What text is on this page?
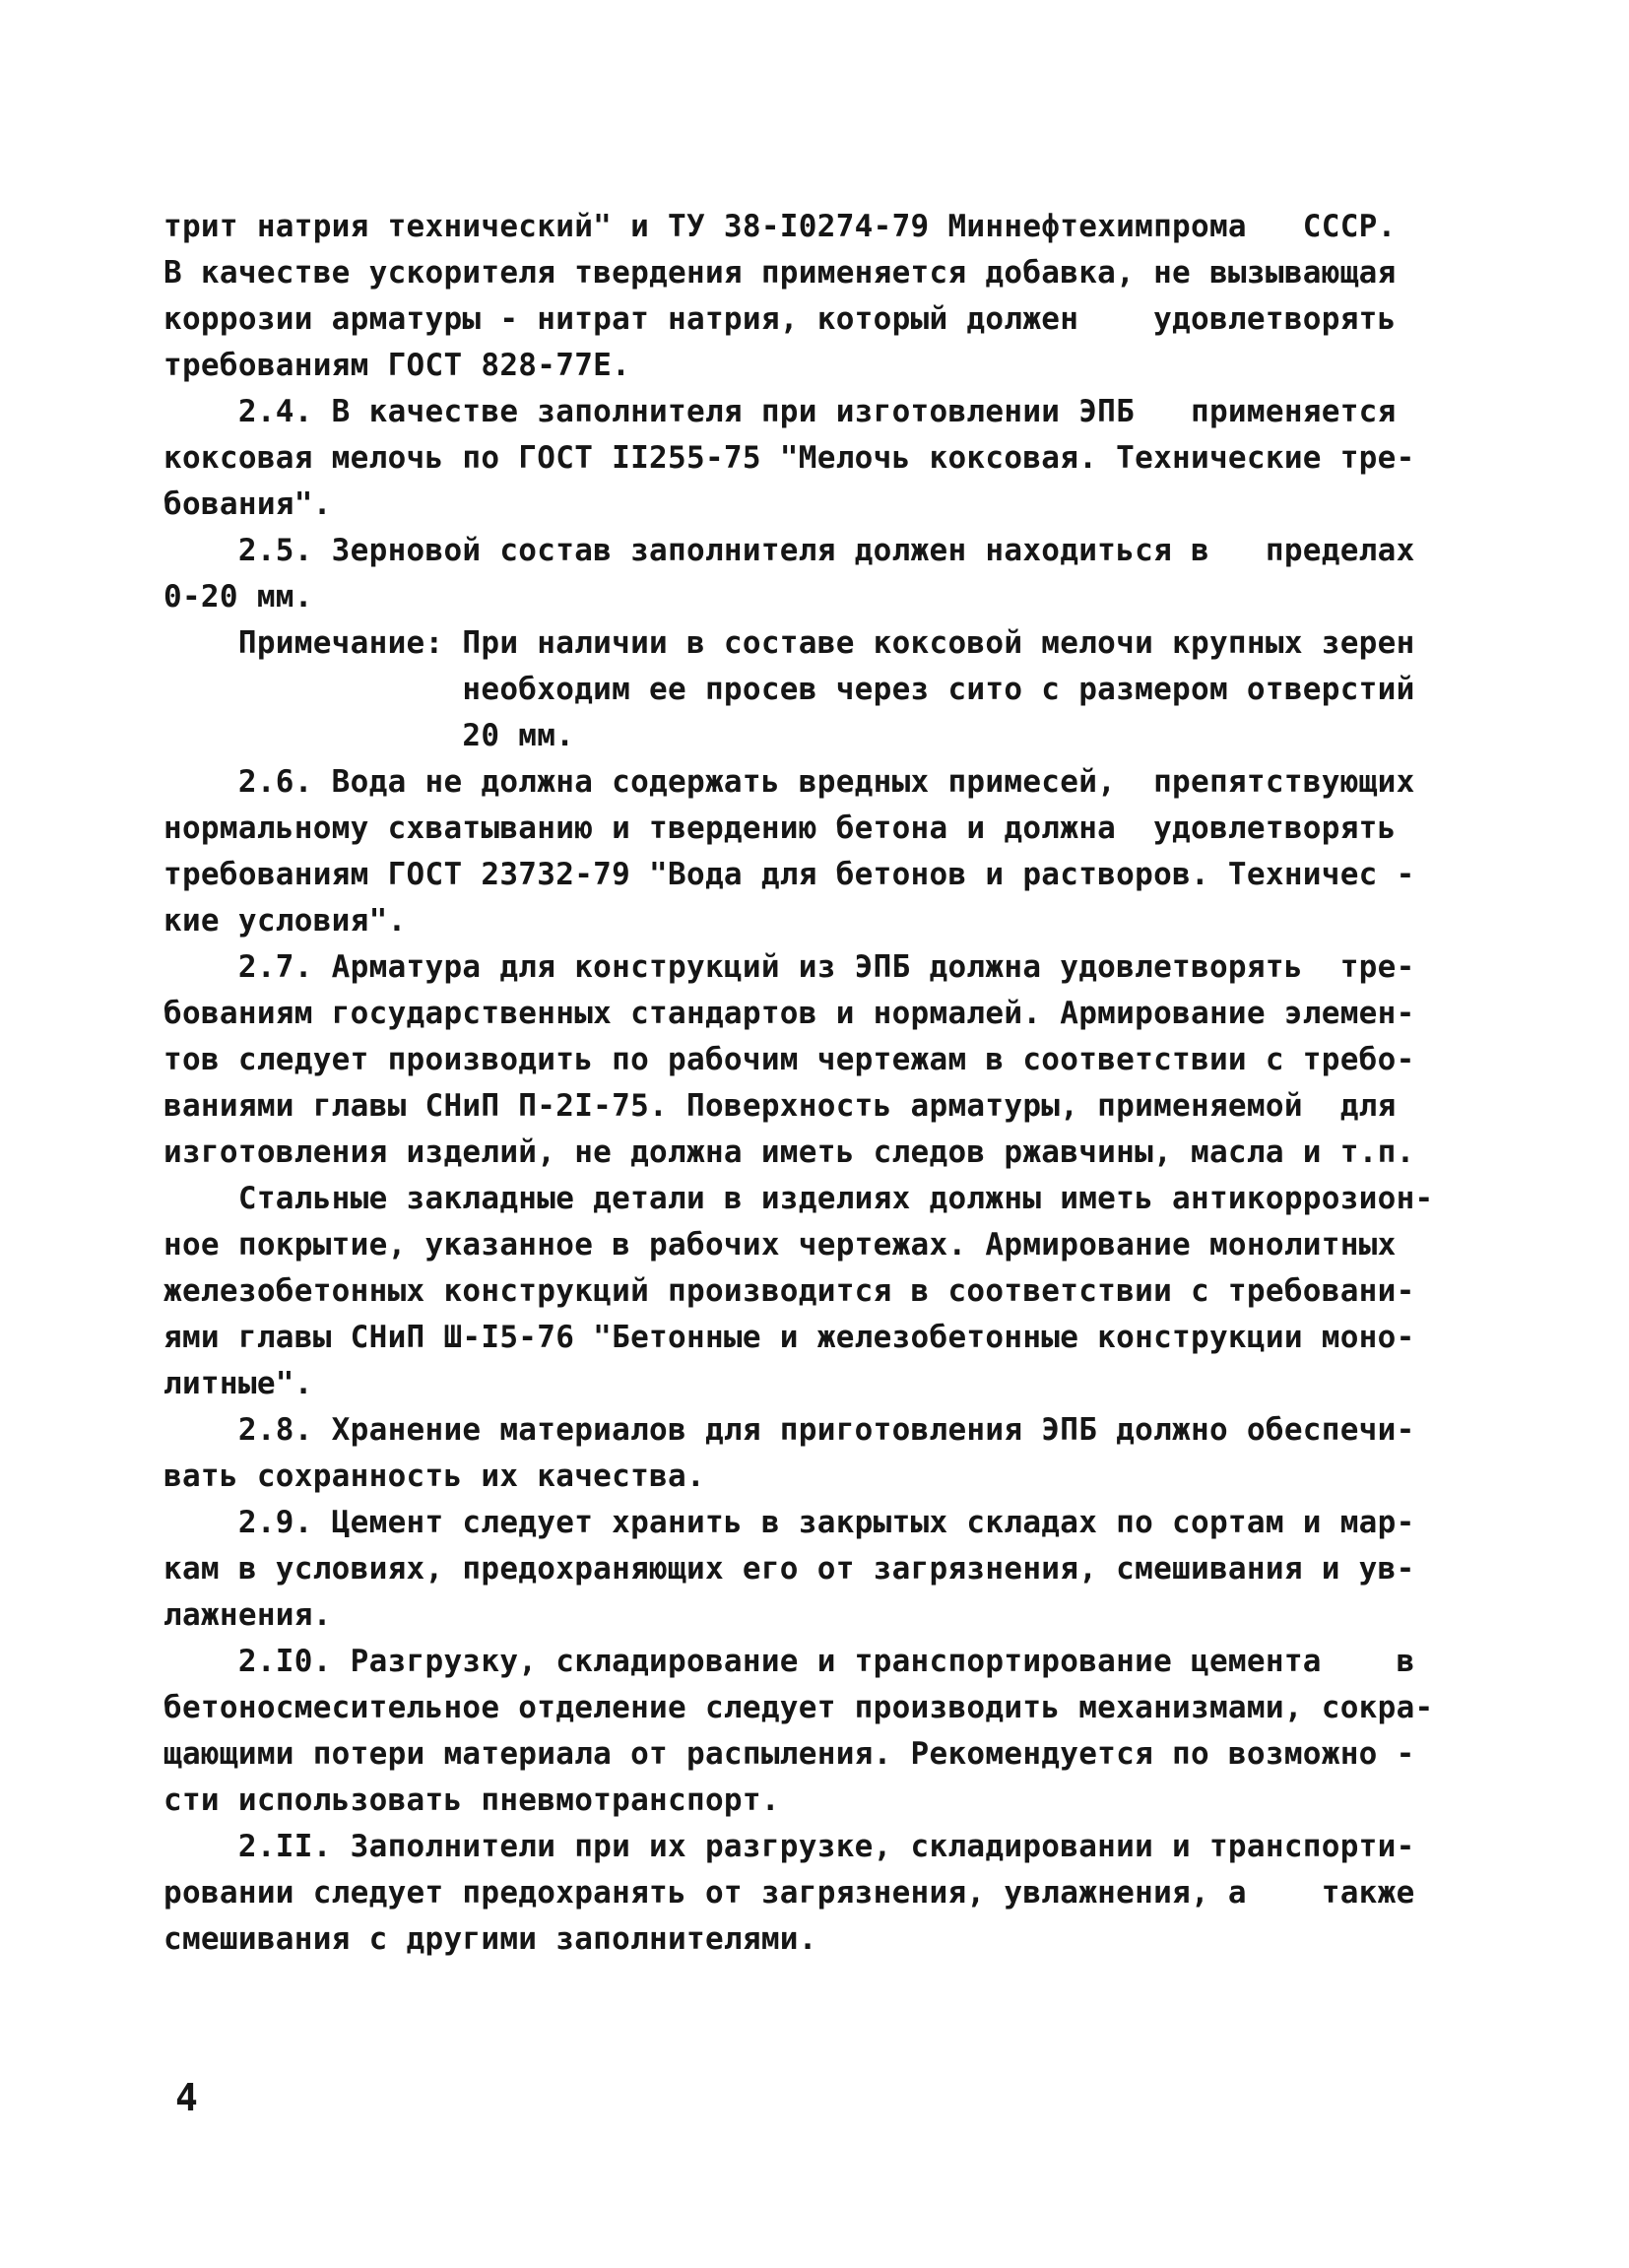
трит натрия технический" и ТУ 38-I0274-79 Миннефтехимпрома   СССР.
В качестве ускорителя твердения применяется добавка, не вызывающая
коррозии арматуры - нитрат натрия, который должен    удовлетворять
требованиям ГОСТ 828-77Е.
2.4. В качестве заполнителя при изготовлении ЭПБ   применяется
коксовая мелочь по ГОСТ II255-75 "Мелочь коксовая. Технические тре-
бования".
2.5. Зерновой состав заполнителя должен находиться в   пределах
0-20 мм.
Примечание: При наличии в составе коксовой мелочи крупных зерен
необходим ее просев через сито с размером отверстий
20 мм.
2.6. Вода не должна содержать вредных примесей,  препятствующих
нормальному схватыванию и твердению бетона и должна  удовлетворять
требованиям ГОСТ 23732-79 "Вода для бетонов и растворов. Техничес -
кие условия".
2.7. Арматура для конструкций из ЭПБ должна удовлетворять  тре-
бованиям государственных стандартов и нормалей. Армирование элемен-
тов следует производить по рабочим чертежам в соответствии с требо-
ваниями главы СНиП П-2I-75. Поверхность арматуры, применяемой  для
изготовления изделий, не должна иметь следов ржавчины, масла и т.п.
Стальные закладные детали в изделиях должны иметь антикоррозион-
ное покрытие, указанное в рабочих чертежах. Армирование монолитных
железобетонных конструкций производится в соответствии с требовани-
ями главы СНиП Ш-I5-76 "Бетонные и железобетонные конструкции моно-
литные".
2.8. Хранение материалов для приготовления ЭПБ должно обеспечи-
вать сохранность их качества.
2.9. Цемент следует хранить в закрытых складах по сортам и мар-
кам в условиях, предохраняющих его от загрязнения, смешивания и ув-
лажнения.
2.I0. Разгрузку, складирование и транспортирование цемента    в
бетоносмесительное отделение следует производить механизмами, сокра-
щающими потери материала от распыления. Рекомендуется по возможно -
сти использовать пневмотранспорт.
2.II. Заполнители при их разгрузке, складировании и транспорти-
ровании следует предохранять от загрязнения, увлажнения, а    также
смешивания с другими заполнителями.
4
